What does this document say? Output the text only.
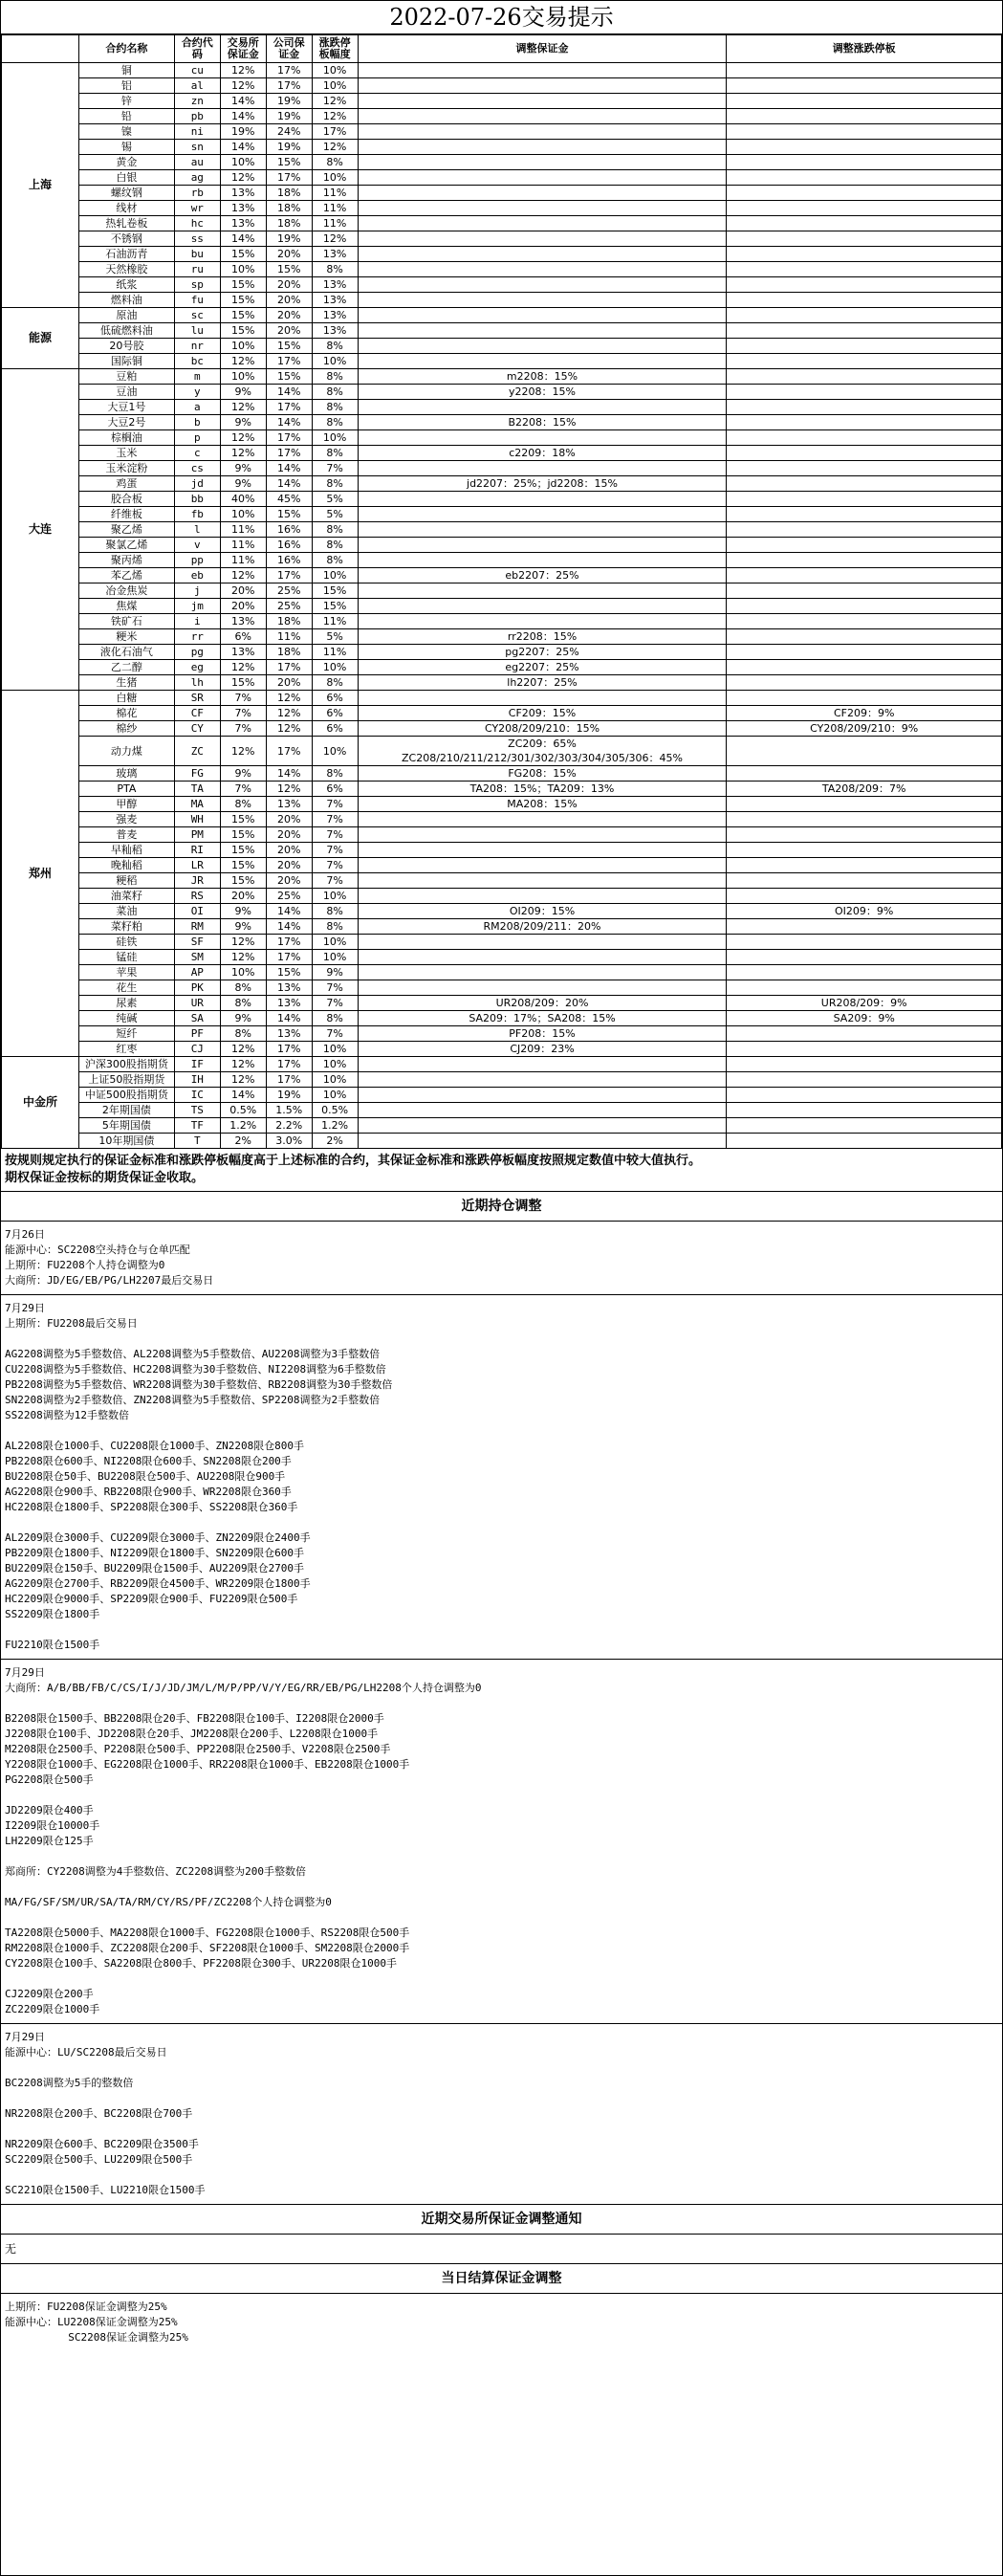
2022-07-26交易提示
	合约名称	合约代码	交易所保证金	公司保证金	涨跌停板幅度	调整保证金	调整涨跌停板
上海	铜	cu	12%	17%	10%		
	铝	al	12%	17%	10%		
	锌	zn	14%	19%	12%		
	铅	pb	14%	19%	12%		
	镍	ni	19%	24%	17%		
	锡	sn	14%	19%	12%		
	黄金	au	10%	15%	8%		
	白银	ag	12%	17%	10%		
	螺纹钢	rb	13%	18%	11%		
	线材	wr	13%	18%	11%		
	热轧卷板	hc	13%	18%	11%		
	不锈钢	ss	14%	19%	12%		
	石油沥青	bu	15%	20%	13%		
	天然橡胶	ru	10%	15%	8%		
	纸浆	sp	15%	20%	13%		
	燃料油	fu	15%	20%	13%		
能源	原油	sc	15%	20%	13%		
	低硫燃料油	lu	15%	20%	13%		
	20号胶	nr	10%	15%	8%		
	国际铜	bc	12%	17%	10%		
大连	豆粕	m	10%	15%	8%	m2208：15%	
	豆油	y	9%	14%	8%	y2208：15%	
	大豆1号	a	12%	17%	8%		
	大豆2号	b	9%	14%	8%	B2208：15%	
	棕榈油	p	12%	17%	10%		
	玉米	c	12%	17%	8%	c2209：18%	
	玉米淀粉	cs	9%	14%	7%		
	鸡蛋	jd	9%	14%	8%	jd2207：25%；jd2208：15%	
	胶合板	bb	40%	45%	5%		
	纤维板	fb	10%	15%	5%		
	聚乙烯	l	11%	16%	8%		
	聚氯乙烯	v	11%	16%	8%		
	聚丙烯	pp	11%	16%	8%		
	苯乙烯	eb	12%	17%	10%	eb2207：25%	
	冶金焦炭	j	20%	25%	15%		
	焦煤	jm	20%	25%	15%		
	铁矿石	i	13%	18%	11%		
	粳米	rr	6%	11%	5%	rr2208：15%	
	液化石油气	pg	13%	18%	11%	pg2207：25%	
	乙二醇	eg	12%	17%	10%	eg2207：25%	
	生猪	lh	15%	20%	8%	lh2207：25%	
郑州	白糖	SR	7%	12%	6%		
	棉花	CF	7%	12%	6%	CF209：15%	CF209：9%
	棉纱	CY	7%	12%	6%	CY208/209/210：15%	CY208/209/210：9%
	动力煤	ZC	12%	17%	10%	ZC209：65%
ZC208/210/211/212/301/302/303/304/305/306：45%	
	玻璃	FG	9%	14%	8%	FG208：15%	
	PTA	TA	7%	12%	6%	TA208：15%；TA209：13%	TA208/209：7%
	甲醇	MA	8%	13%	7%	MA208：15%	
	强麦	WH	15%	20%	7%		
	普麦	PM	15%	20%	7%		
	早籼稻	RI	15%	20%	7%		
	晚籼稻	LR	15%	20%	7%		
	粳稻	JR	15%	20%	7%		
	油菜籽	RS	20%	25%	10%		
	菜油	OI	9%	14%	8%	OI209：15%	OI209：9%
	菜籽粕	RM	9%	14%	8%	RM208/209/211：20%	
	硅铁	SF	12%	17%	10%		
	锰硅	SM	12%	17%	10%		
	苹果	AP	10%	15%	9%		
	花生	PK	8%	13%	7%		
	尿素	UR	8%	13%	7%	UR208/209：20%	UR208/209：9%
	纯碱	SA	9%	14%	8%	SA209：17%；SA208：15%	SA209：9%
	短纤	PF	8%	13%	7%	PF208：15%	
	红枣	CJ	12%	17%	10%	CJ209：23%	
中金所	沪深300股指期货	IF	12%	17%	10%		
	上证50股指期货	IH	12%	17%	10%		
	中证500股指期货	IC	14%	19%	10%		
	2年期国债	TS	0.5%	1.5%	0.5%		
	5年期国债	TF	1.2%	2.2%	1.2%		
	10年期国债	T	2%	3.0%	2%		
按规则规定执行的保证金标准和涨跌停板幅度高于上述标准的合约，其保证金标准和涨跌停板幅度按照规定数值中较大值执行。
期权保证金按标的期货保证金收取。
近期持仓调整
7月26日
能源中心：SC2208空头持仓与仓单匹配
上期所：FU2208个人持仓调整为0
大商所：JD/EG/EB/PG/LH2207最后交易日
7月29日
上期所：FU2208最后交易日
AG2208调整为5手整数倍、AL2208调整为5手整数倍、AU2208调整为3手整数倍
CU2208调整为5手整数倍、HC2208调整为30手整数倍、NI2208调整为6手整数倍
PB2208调整为5手整数倍、WR2208调整为30手整数倍、RB2208调整为30手整数倍
SN2208调整为2手整数倍、ZN2208调整为5手整数倍、SP2208调整为2手整数倍
SS2208调整为12手整数倍
AL2208限仓1000手、CU2208限仓1000手、ZN2208限仓800手
PB2208限仓600手、NI2208限仓600手、SN2208限仓200手
BU2208限仓50手、BU2208限仓500手、AU2208限仓900手
AG2208限仓900手、RB2208限仓900手、WR2208限仓360手
HC2208限仓1800手、SP2208限仓300手、SS2208限仓360手
AL2209限仓3000手、CU2209限仓3000手、ZN2209限仓2400手
PB2209限仓1800手、NI2209限仓1800手、SN2209限仓600手
BU2209限仓150手、BU2209限仓1500手、AU2209限仓2700手
AG2209限仓2700手、RB2209限仓4500手、WR2209限仓1800手
HC2209限仓9000手、SP2209限仓900手、FU2209限仓500手
SS2209限仓1800手
FU2210限仓1500手
7月29日
大商所：A/B/BB/FB/C/CS/I/J/JD/JM/L/M/P/PP/V/Y/EG/RR/EB/PG/LH2208个人持仓调整为0
B2208限仓1500手、BB2208限仓20手、FB2208限仓100手、I2208限仓2000手
J2208限仓100手、JD2208限仓20手、JM2208限仓200手、L2208限仓1000手
M2208限仓2500手、P2208限仓500手、PP2208限仓2500手、V2208限仓2500手
Y2208限仓1000手、EG2208限仓1000手、RR2208限仓1000手、EB2208限仓1000手
PG2208限仓500手
JD2209限仓400手
I2209限仓10000手
LH2209限仓125手
郑商所：CY2208调整为4手整数倍、ZC2208调整为200手整数倍
MA/FG/SF/SM/UR/SA/TA/RM/CY/RS/PF/ZC2208个人持仓调整为0
TA2208限仓5000手、MA2208限仓1000手、FG2208限仓1000手、RS2208限仓500手
RM2208限仓1000手、ZC2208限仓200手、SF2208限仓1000手、SM2208限仓2000手
CY2208限仓100手、SA2208限仓800手、PF2208限仓300手、UR2208限仓1000手
CJ2209限仓200手
ZC2209限仓1000手
7月29日
能源中心：LU/SC2208最后交易日
BC2208调整为5手的整数倍
NR2208限仓200手、BC2208限仓700手
NR2209限仓600手、BC2209限仓3500手
SC2209限仓500手、LU2209限仓500手
SC2210限仓1500手、LU2210限仓1500手
近期交易所保证金调整通知
无
当日结算保证金调整
上期所：FU2208保证金调整为25%
能源中心：LU2208保证金调整为25%
SC2208保证金调整为25%
